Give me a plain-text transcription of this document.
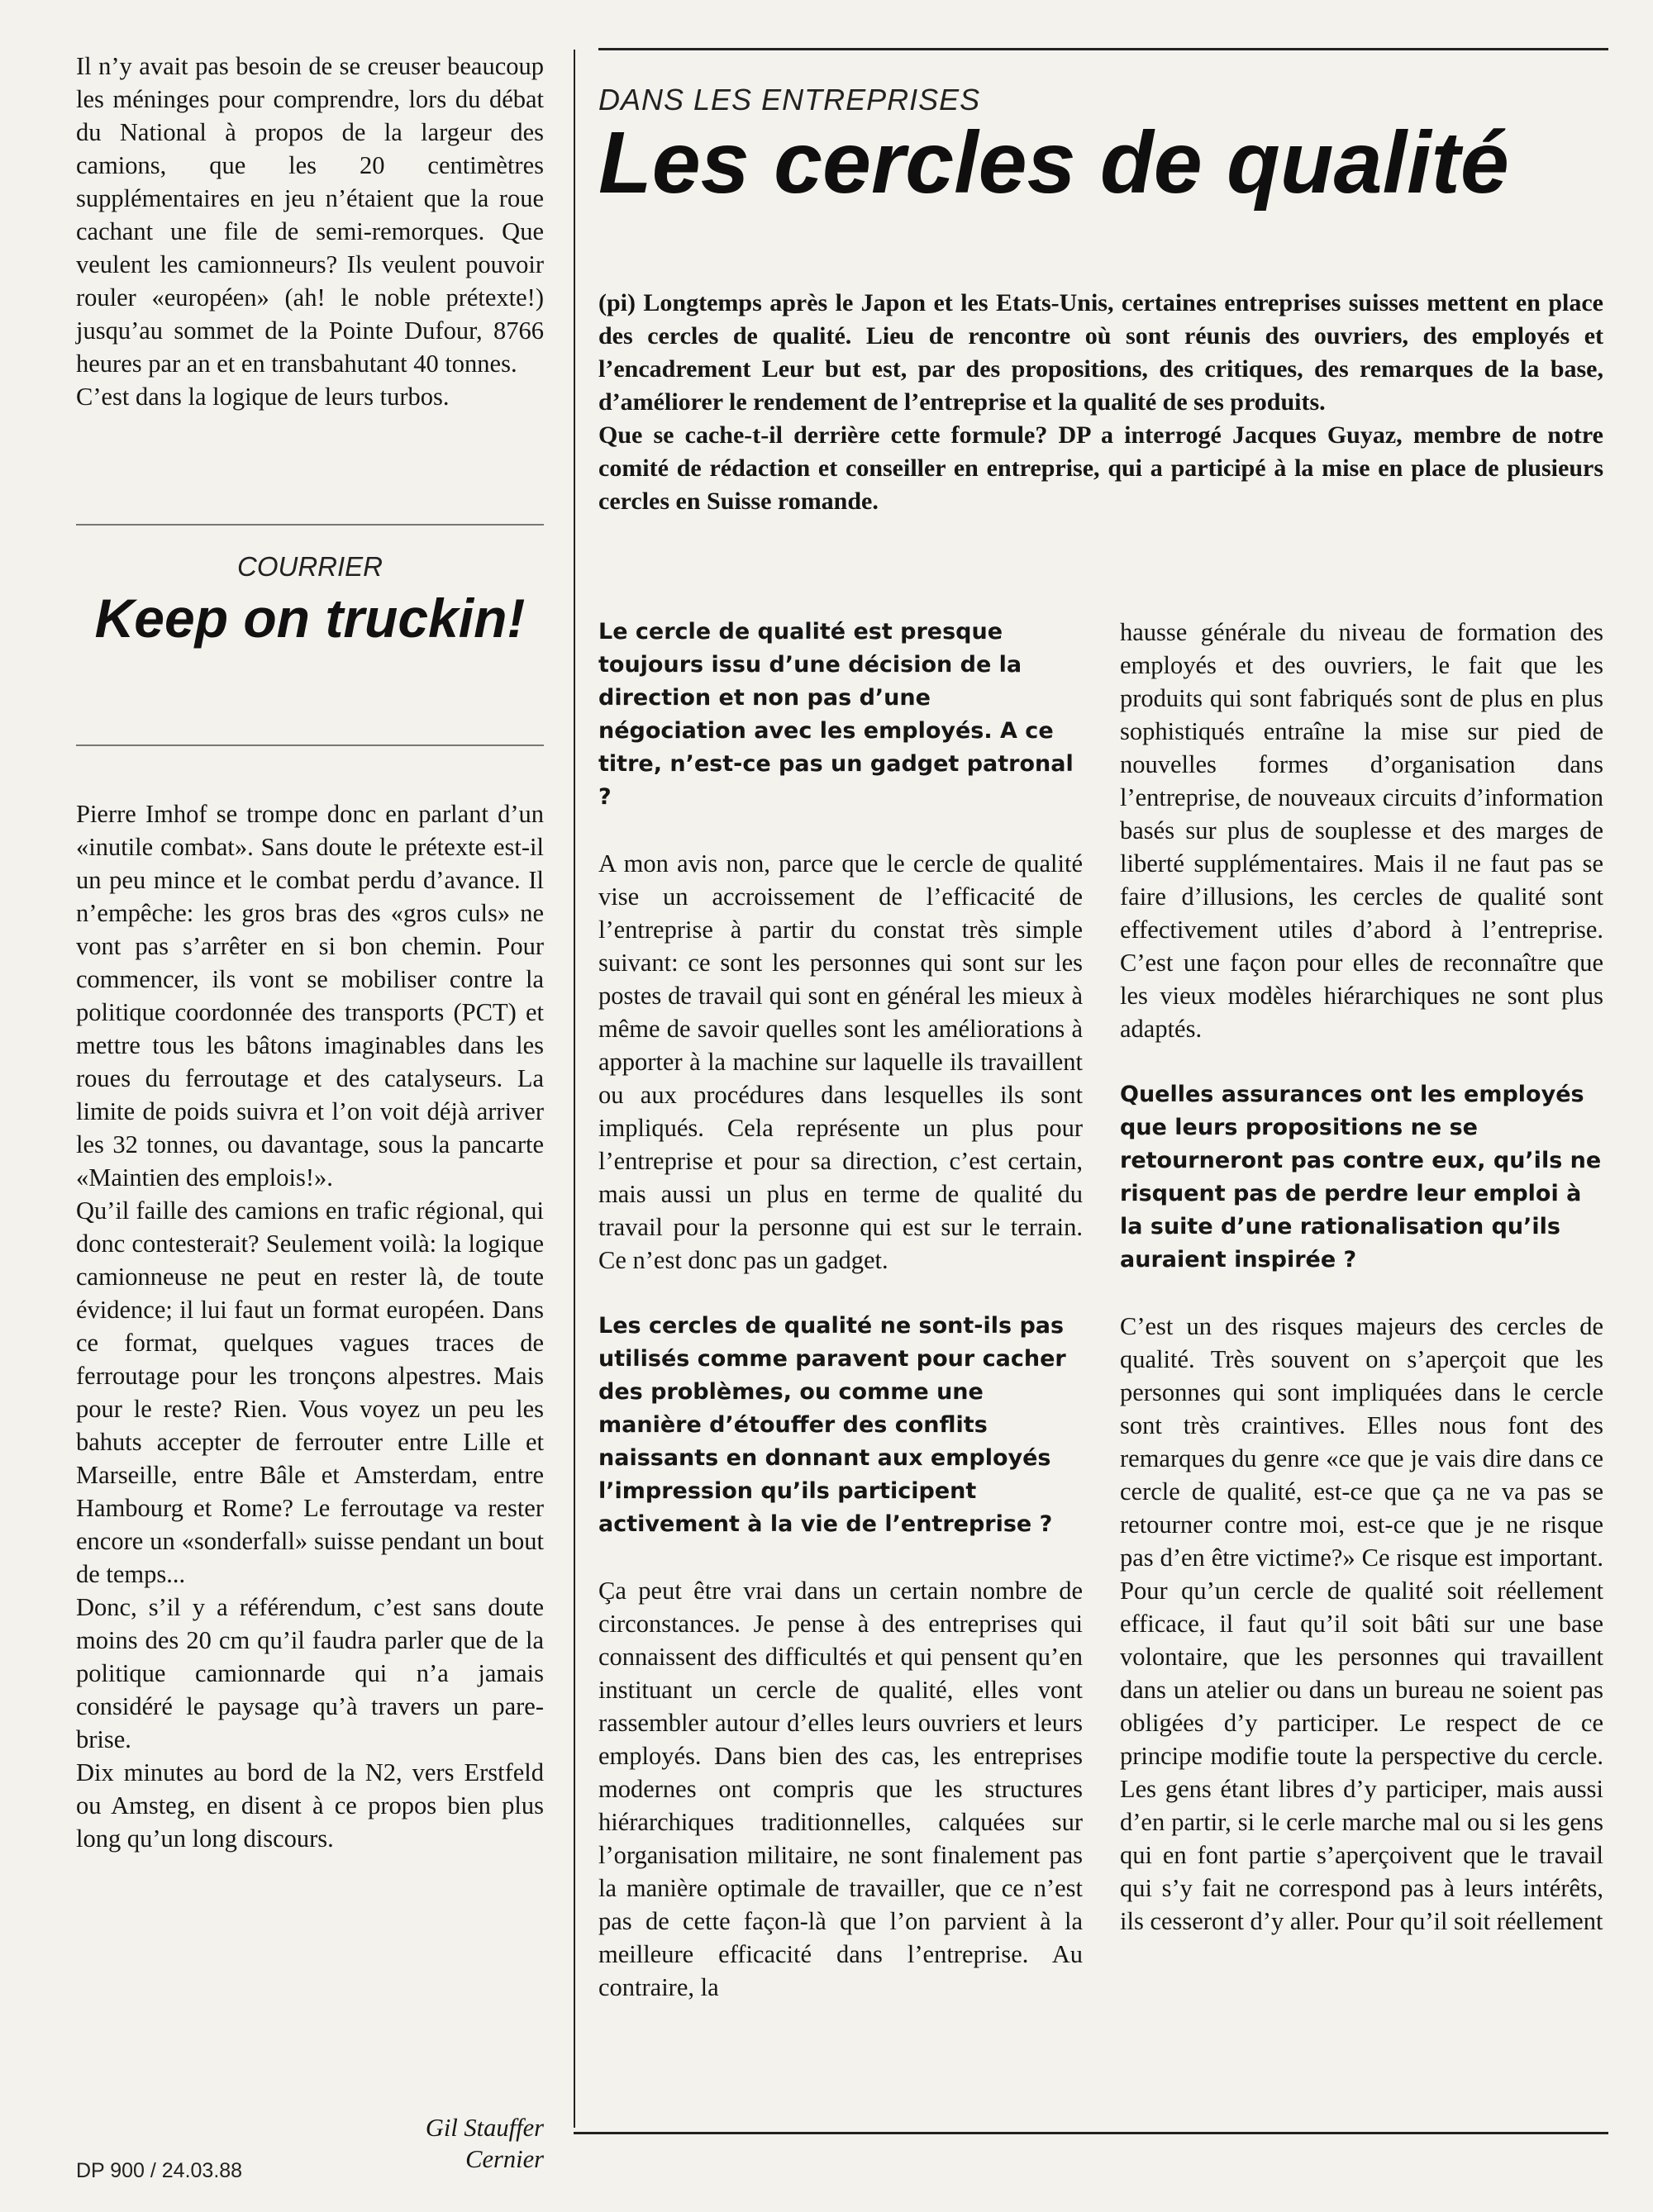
Il n’y avait pas besoin de se creuser beaucoup les méninges pour comprendre, lors du débat du National à propos de la largeur des camions, que les 20 centimètres supplémentaires en jeu n’étaient que la roue cachant une file de semi-remorques. Que veulent les camionneurs? Ils veulent pouvoir rouler «européen» (ah! le noble prétexte!) jusqu’au sommet de la Pointe Dufour, 8766 heures par an et en transbahutant 40 tonnes.

C’est dans la logique de leurs turbos.

COURRIER
Keep on truckin!

Pierre Imhof se trompe donc en parlant d’un «inutile combat». Sans doute le prétexte est-il un peu mince et le combat perdu d’avance. Il n’empêche: les gros bras des «gros culs» ne vont pas s’arrêter en si bon chemin. Pour commencer, ils vont se mobiliser contre la politique coordonnée des transports (PCT) et mettre tous les bâtons imaginables dans les roues du ferroutage et des catalyseurs. La limite de poids suivra et l’on voit déjà arriver les 32 tonnes, ou davantage, sous la pancarte «Maintien des emplois!».

Qu’il faille des camions en trafic régional, qui donc contesterait? Seulement voilà: la logique camionneuse ne peut en rester là, de toute évidence; il lui faut un format européen. Dans ce format, quelques vagues traces de ferroutage pour les tronçons alpestres. Mais pour le reste? Rien. Vous voyez un peu les bahuts accepter de ferrouter entre Lille et Marseille, entre Bâle et Amsterdam, entre Hambourg et Rome? Le ferroutage va rester encore un «sonderfall» suisse pendant un bout de temps...

Donc, s’il y a référendum, c’est sans doute moins des 20 cm qu’il faudra parler que de la politique camionnarde qui n’a jamais considéré le paysage qu’à travers un pare-brise.

Dix minutes au bord de la N2, vers Erstfeld ou Amsteg, en disent à ce propos bien plus long qu’un long discours.

Gil Stauffer
Cernier
DP 900 / 24.03.88
DANS LES ENTREPRISES
Les cercles de qualité

(pi) Longtemps après le Japon et les Etats-Unis, certaines entreprises suisses mettent en place des cercles de qualité. Lieu de rencontre où sont réunis des ouvriers, des employés et l’encadrement Leur but est, par des propositions, des critiques, des remarques de la base, d’améliorer le rendement de l’entreprise et la qualité de ses produits.

Que se cache-t-il derrière cette formule? DP a interrogé Jacques Guyaz, membre de notre comité de rédaction et conseiller en entreprise, qui a participé à la mise en place de plusieurs cercles en Suisse romande.

Le cercle de qualité est presque toujours issu d’une décision de la direction et non pas d’une négociation avec les employés. A ce titre, n’est-ce pas un gadget patronal ?

A mon avis non, parce que le cercle de qualité vise un accroissement de l’efficacité de l’entreprise à partir du constat très simple suivant: ce sont les personnes qui sont sur les postes de travail qui sont en général les mieux à même de savoir quelles sont les améliorations à apporter à la machine sur laquelle ils travaillent ou aux procédures dans lesquelles ils sont impliqués. Cela représente un plus pour l’entreprise et pour sa direction, c’est certain, mais aussi un plus en terme de qualité du travail pour la personne qui est sur le terrain. Ce n’est donc pas un gadget.

Les cercles de qualité ne sont-ils pas utilisés comme paravent pour cacher des problèmes, ou comme une manière d’étouffer des conflits naissants en donnant aux employés l’impression qu’ils participent activement à la vie de l’entreprise ?

Ça peut être vrai dans un certain nombre de circonstances. Je pense à des entreprises qui connaissent des difficultés et qui pensent qu’en instituant un cercle de qualité, elles vont rassembler autour d’elles leurs ouvriers et leurs employés. Dans bien des cas, les entreprises modernes ont compris que les structures hiérarchiques traditionnelles, calquées sur l’organisation militaire, ne sont finalement pas la manière optimale de travailler, que ce n’est pas de cette façon-là que l’on parvient à la meilleure efficacité dans l’entreprise. Au contraire, la

hausse générale du niveau de formation des employés et des ouvriers, le fait que les produits qui sont fabriqués sont de plus en plus sophistiqués entraîne la mise sur pied de nouvelles formes d’organisation dans l’entreprise, de nouveaux circuits d’information basés sur plus de souplesse et des marges de liberté supplémentaires. Mais il ne faut pas se faire d’illusions, les cercles de qualité sont effectivement utiles d’abord à l’entreprise. C’est une façon pour elles de reconnaître que les vieux modèles hiérarchiques ne sont plus adaptés.

Quelles assurances ont les employés que leurs propositions ne se retourneront pas contre eux, qu’ils ne risquent pas de perdre leur emploi à la suite d’une rationalisation qu’ils auraient inspirée ?

C’est un des risques majeurs des cercles de qualité. Très souvent on s’aperçoit que les personnes qui sont impliquées dans le cercle sont très craintives. Elles nous font des remarques du genre «ce que je vais dire dans ce cercle de qualité, est-ce que ça ne va pas se retourner contre moi, est-ce que je ne risque pas d’en être victime?» Ce risque est important. Pour qu’un cercle de qualité soit réellement efficace, il faut qu’il soit bâti sur une base volontaire, que les personnes qui travaillent dans un atelier ou dans un bureau ne soient pas obligées d’y participer. Le respect de ce principe modifie toute la perspective du cercle. Les gens étant libres d’y participer, mais aussi d’en partir, si le cerle marche mal ou si les gens qui en font partie s’aperçoivent que le travail qui s’y fait ne correspond pas à leurs intérêts, ils cesseront d’y aller. Pour qu’il soit réellement
